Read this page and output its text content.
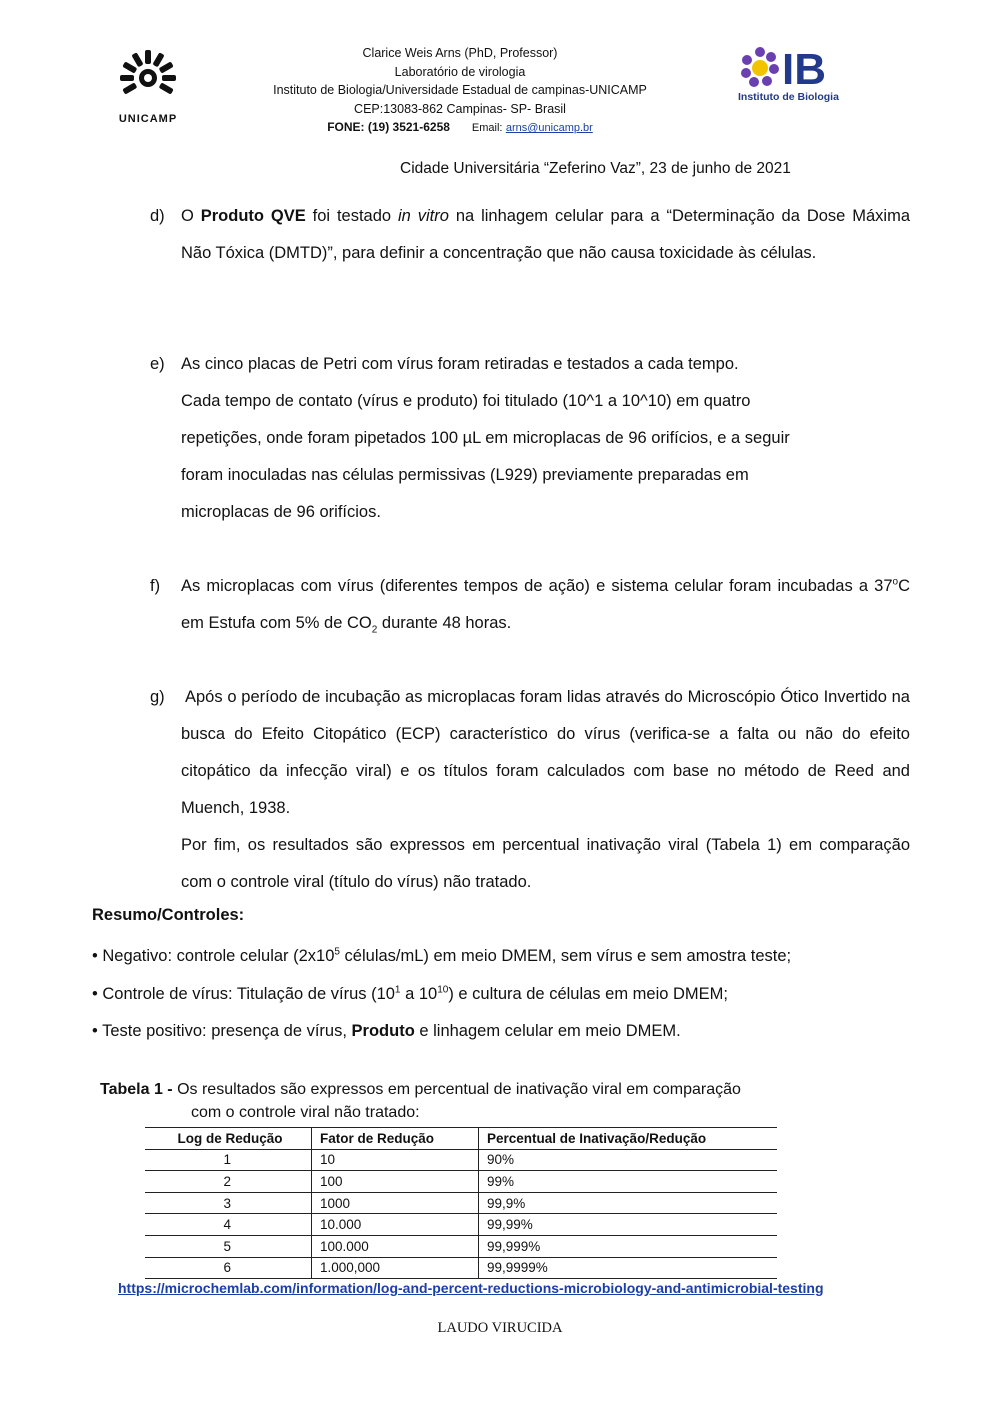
UNICAMP
IB
Instituto de Biologia
Clarice Weis Arns (PhD, Professor)
Laboratório de virologia
Instituto de Biologia/Universidade Estadual de campinas-UNICAMP
CEP:13083-862 Campinas- SP- Brasil
FONE: (19) 3521-6258 Email: arns@unicamp.br
Cidade Universitária “Zeferino Vaz”, 23 de junho de 2021
d) O Produto QVE foi testado in vitro na linhagem celular para a “Determinação da Dose Máxima Não Tóxica (DMTD)”, para definir a concentração que não causa toxicidade às células.
e) As cinco placas de Petri com vírus foram retiradas e testados a cada tempo.

Cada tempo de contato (vírus e produto) foi titulado (10^1 a 10^10) em quatro

repetições, onde foram pipetados 100 µL em microplacas de 96 orifícios, e a seguir

foram inoculadas nas células permissivas (L929) previamente preparadas em

microplacas de 96 orifícios.

f)	As microplacas com vírus (diferentes tempos de ação) e sistema celular foram incubadas a 37$^o$C em Estufa com 5% de $CO_2$ durante 48 horas.
g)	Após o período de incubação as microplacas foram lidas através do Microscópio Ótico Invertido na busca do Efeito Citopático (ECP) característico do vírus (verifica-se a falta ou não do efeito citopático da infecção viral) e os títulos foram calculados com base no método de Reed and Muench, 1938.

Por fim, os resultados são expressos em percentual inativação viral (Tabela 1) em comparação com o controle viral (título do vírus) não tratado.

Resumo/Controles:
• Negativo: controle celular ($2x10^5$ células/mL) em meio DMEM, sem vírus e sem amostra teste;
• Controle de vírus: Titulação de vírus ($10^1$ a $10^{10}$) e cultura de células em meio DMEM;
• Teste positivo: presença de vírus, Produto e linhagem celular em meio DMEM.
Tabela 1 - Os resultados são expressos em percentual de inativação viral em comparação
com o controle viral não tratado:
Log de Redução	Fator de Redução	Percentual de Inativação/Redução
1	10	90%
2	100	99%
3	1000	99,9%
4	10.000	99,99%
5	100.000	99,999%
6	1.000,000	99,9999%
https://microchemlab.com/information/log-and-percent-reductions-microbiology-and-antimicrobial-testing
LAUDO VIRUCIDA
